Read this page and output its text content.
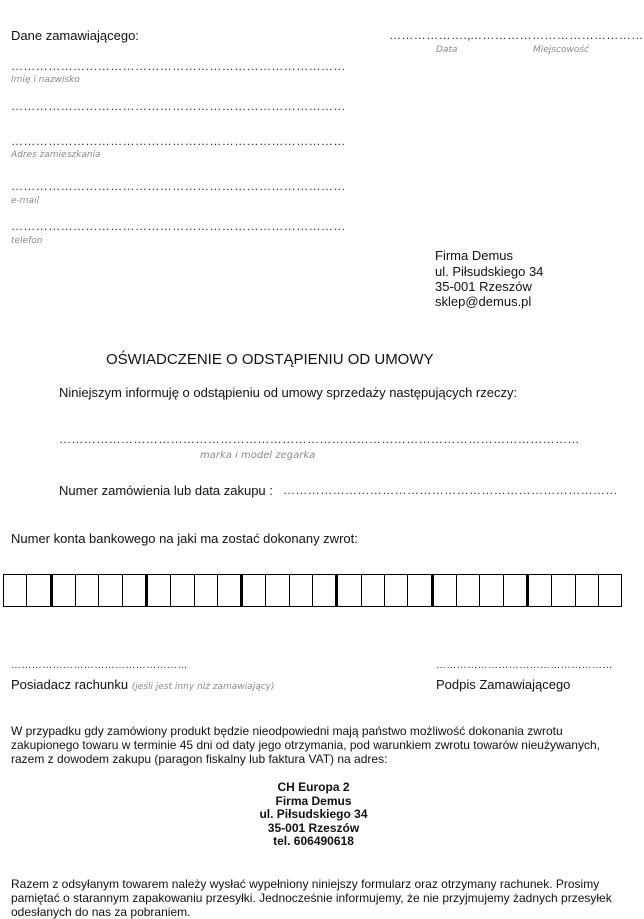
Dane zamawiającego:	………………., ……………………………………
Data	Miejscowość
………………………………………………………………………
Imię i nazwisko
………………………………………………………………………
………………………………………………………………………
Adres zamieszkania
………………………………………………………………………
e-mail
………………………………………………………………………
telefon
Firma Demus
ul. Piłsudskiego 34
35-001 Rzeszów
sklep@demus.pl
OŚWIADCZENIE O ODSTĄPIENIU OD UMOWY
Niniejszym informuję o odstąpieniu od umowy sprzedaży następujących rzeczy:
………………………………………………………………………………………………………………
marka i model zegarka
Numer zamówienia lub data zakupu : ………………………………………………………………………
Numer konta bankowego na jaki ma zostać dokonany zwrot:
……………………………………………
Posiadacz rachunku (jeśli jest inny niż zamawiający)
……………………………………………
Podpis Zamawiającego
W przypadku gdy zamówiony produkt będzie nieodpowiedni mają państwo możliwość dokonania zwrotu zakupionego towaru w terminie 45 dni od daty jego otrzymania, pod warunkiem zwrotu towarów nieużywanych, razem z dowodem zakupu (paragon fiskalny lub faktura VAT) na adres:
CH Europa 2
Firma Demus
ul. Piłsudskiego 34
35-001 Rzeszów
tel. 606490618
Razem z odsyłanym towarem należy wysłać wypełniony niniejszy formularz oraz otrzymany rachunek. Prosimy pamiętać o starannym zapakowaniu przesyłki. Jednocześnie informujemy, że nie przyjmujemy żadnych przesyłek odesłanych do nas za pobraniem.
